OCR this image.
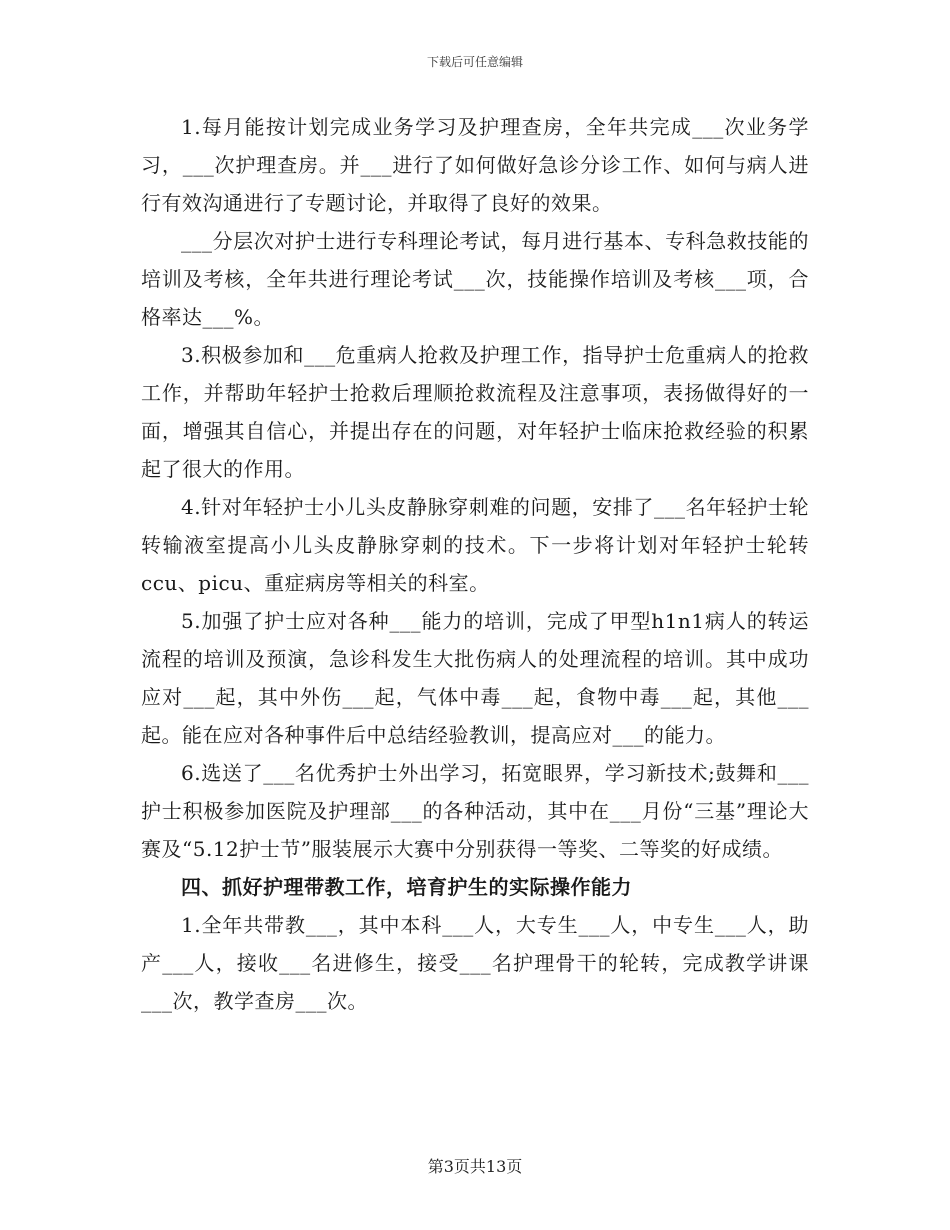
下载后可任意编辑

1.每月能按计划完成业务学习及护理查房，全年共完成___次业务学习，___次护理查房。并___进行了如何做好急诊分诊工作、如何与病人进行有效沟通进行了专题讨论，并取得了良好的效果。

___分层次对护士进行专科理论考试，每月进行基本、专科急救技能的培训及考核，全年共进行理论考试___次，技能操作培训及考核___项，合格率达___%。

3.积极参加和___危重病人抢救及护理工作，指导护士危重病人的抢救工作，并帮助年轻护士抢救后理顺抢救流程及注意事项，表扬做得好的一面，增强其自信心，并提出存在的问题，对年轻护士临床抢救经验的积累起了很大的作用。

4.针对年轻护士小儿头皮静脉穿刺难的问题，安排了___名年轻护士轮转输液室提高小儿头皮静脉穿刺的技术。下一步将计划对年轻护士轮转ccu、picu、重症病房等相关的科室。

5.加强了护士应对各种___能力的培训，完成了甲型h1n1病人的转运流程的培训及预演，急诊科发生大批伤病人的处理流程的培训。其中成功应对___起，其中外伤___起，气体中毒___起，食物中毒___起，其他___起。能在应对各种事件后中总结经验教训，提高应对___的能力。

6.选送了___名优秀护士外出学习，拓宽眼界，学习新技术;鼓舞和___护士积极参加医院及护理部___的各种活动，其中在___月份“三基”理论大赛及“5.12护士节”服装展示大赛中分别获得一等奖、二等奖的好成绩。

四、抓好护理带教工作，培育护生的实际操作能力

1.全年共带教___，其中本科___人，大专生___人，中专生___人，助产___人，接收___名进修生，接受___名护理骨干的轮转，完成教学讲课___次，教学查房___次。

第3页共13页
